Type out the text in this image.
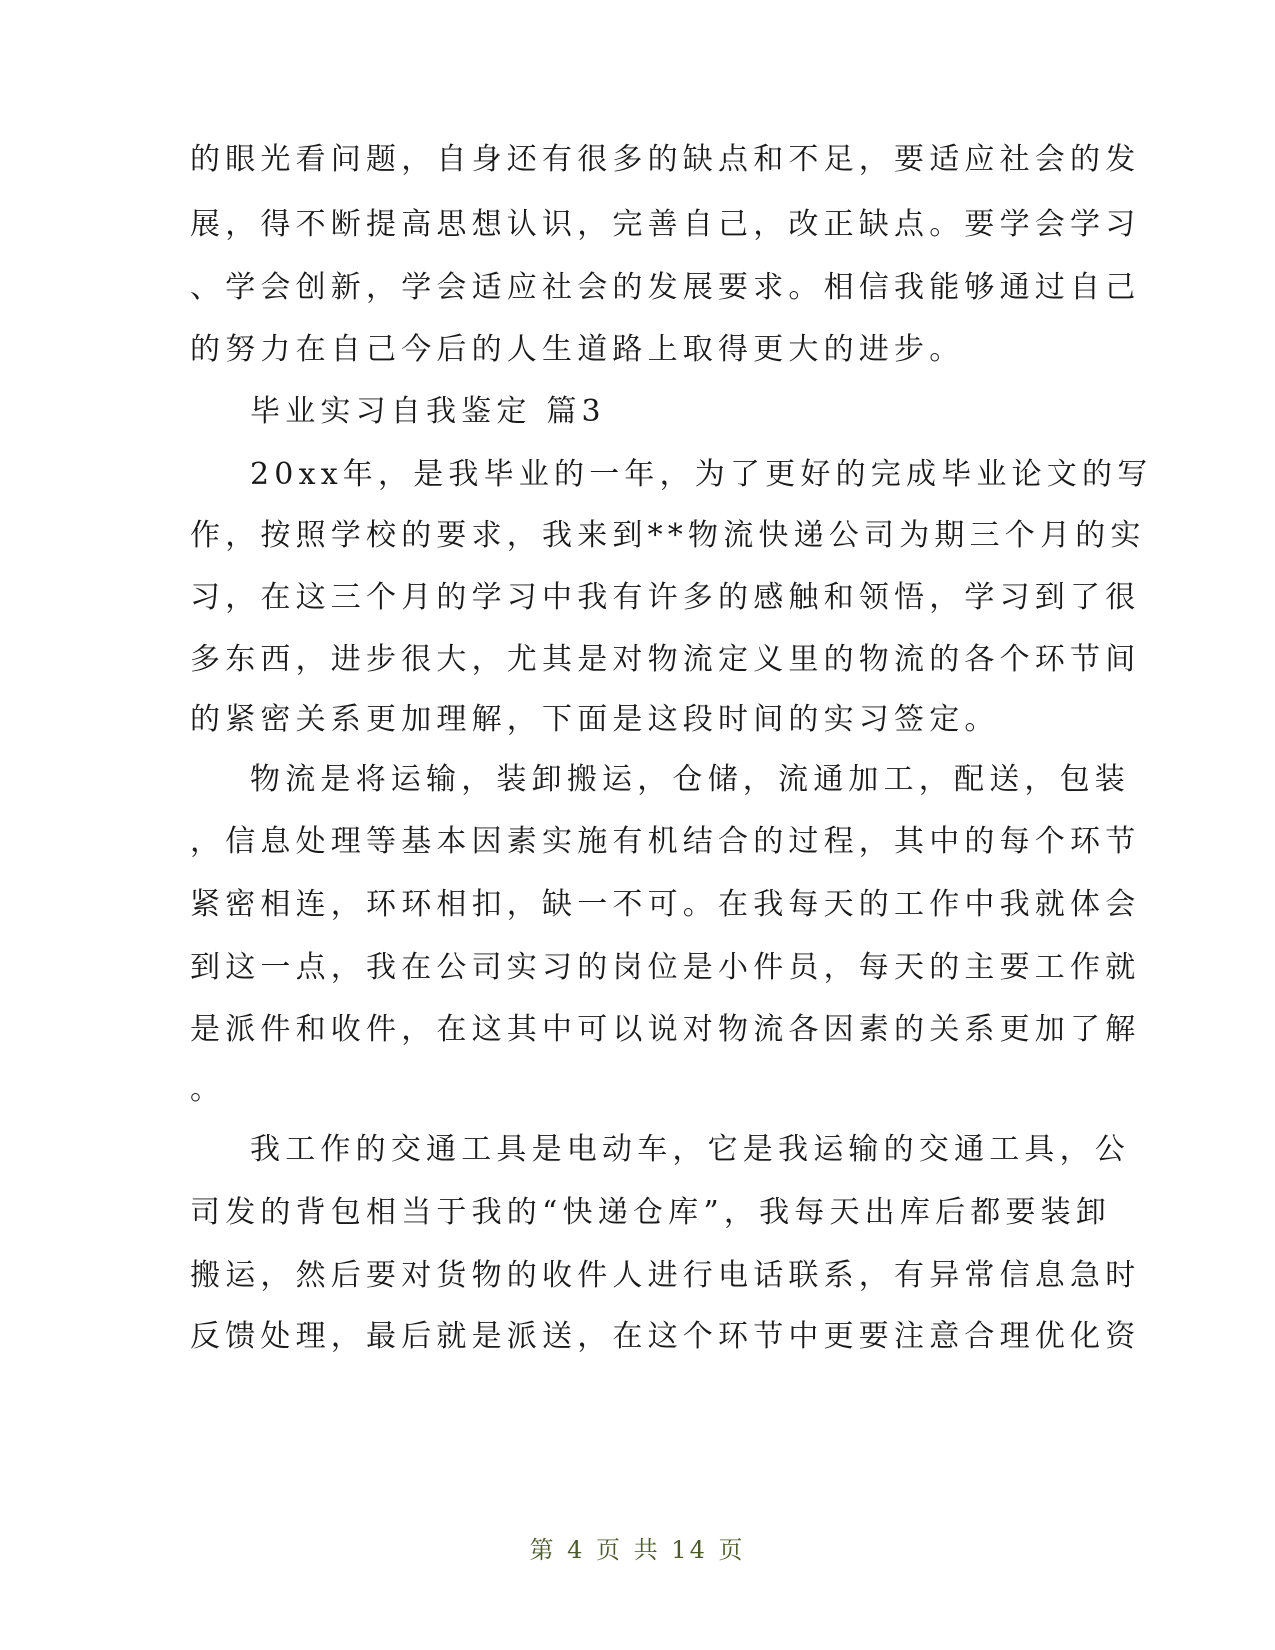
的眼光看问题，自身还有很多的缺点和不足，要适应社会的发
展，得不断提高思想认识，完善自己，改正缺点。要学会学习
、学会创新，学会适应社会的发展要求。相信我能够通过自己
的努力在自己今后的人生道路上取得更大的进步。
毕业实习自我鉴定 篇3
20xx年，是我毕业的一年，为了更好的完成毕业论文的写
作，按照学校的要求，我来到**物流快递公司为期三个月的实
习，在这三个月的学习中我有许多的感触和领悟，学习到了很
多东西，进步很大，尤其是对物流定义里的物流的各个环节间
的紧密关系更加理解，下面是这段时间的实习签定。
物流是将运输，装卸搬运，仓储，流通加工，配送，包装
，信息处理等基本因素实施有机结合的过程，其中的每个环节
紧密相连，环环相扣，缺一不可。在我每天的工作中我就体会
到这一点，我在公司实习的岗位是小件员，每天的主要工作就
是派件和收件，在这其中可以说对物流各因素的关系更加了解
。
我工作的交通工具是电动车，它是我运输的交通工具，公
司发的背包相当于我的“快递仓库”，我每天出库后都要装卸
搬运，然后要对货物的收件人进行电话联系，有异常信息急时
反馈处理，最后就是派送，在这个环节中更要注意合理优化资
第 4 页 共 14 页
